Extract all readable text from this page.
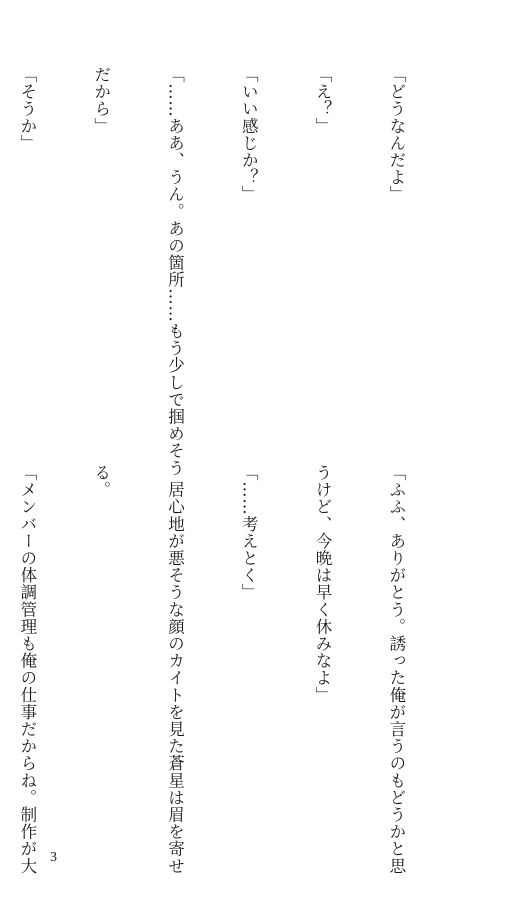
「どうなんだよ」

「え？」

「いい感じか？」

「……ああ、うん。あの箇所……もう少しで掴めそう

だから」

「そうか」

「ふふ、ありがとう。誘った俺が言うのもどうかと思

うけど、今晩は早く休みなよ」

「……考えとく」

　居心地が悪そうな顔のカイトを見た蒼星は眉を寄せ

る。

「メンバーの体調管理も俺の仕事だからね。制作が大

3
